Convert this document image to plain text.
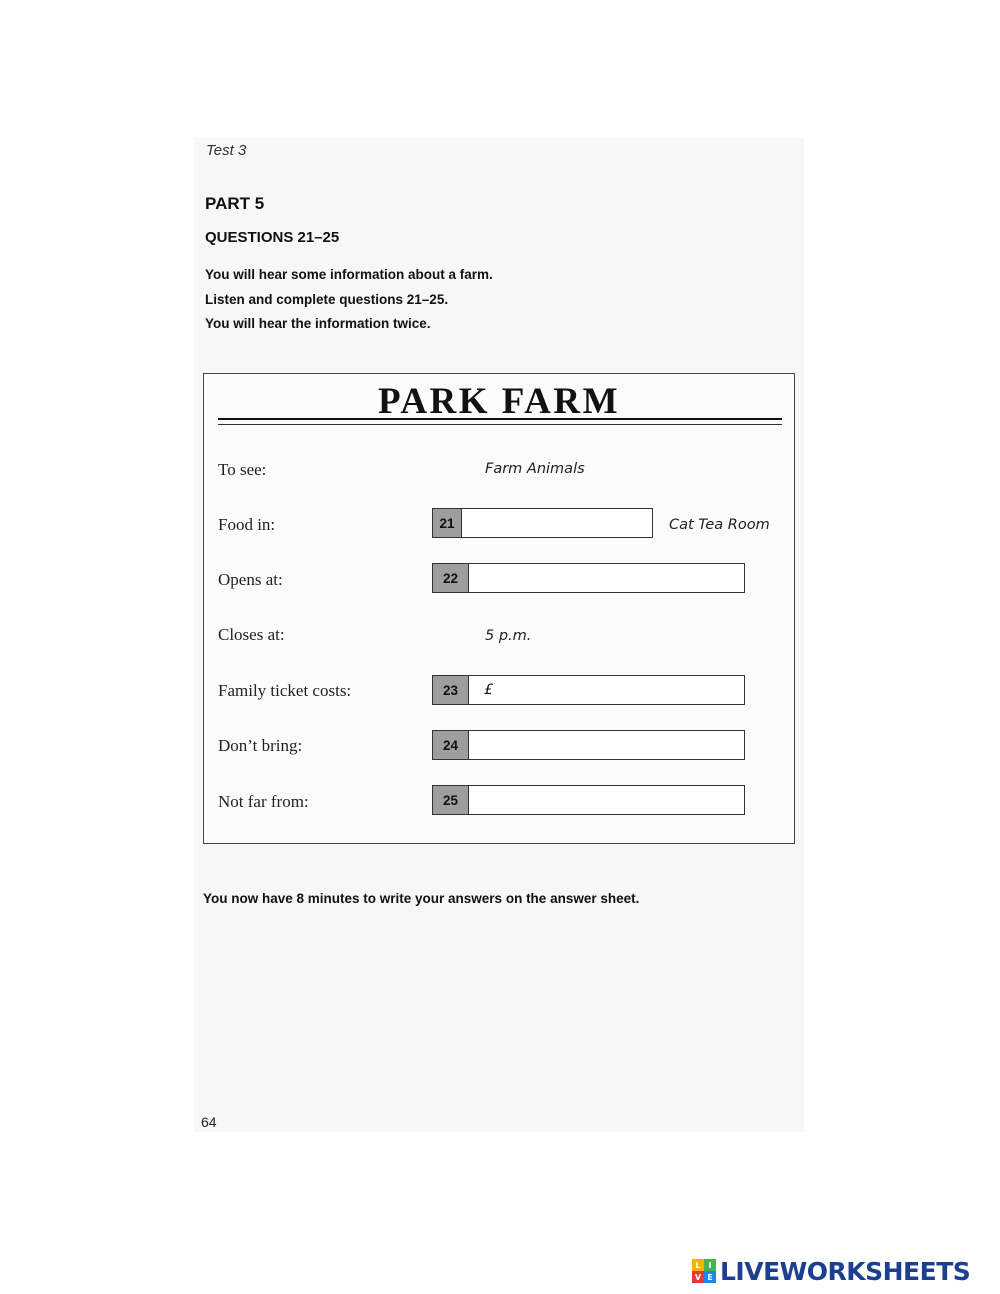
Test 3
PART 5
QUESTIONS 21–25
You will hear some information about a farm.
Listen and complete questions 21–25.
You will hear the information twice.
PARK FARM
To see:	Farm Animals
Food in:	21	Cat Tea Room
Opens at:	22
Closes at:	5 p.m.
Family ticket costs:	23	£
Don’t bring:	24
Not far from:	25
You now have 8 minutes to write your answers on the answer sheet.
64
L I
V E LIVEWORKSHEETS
